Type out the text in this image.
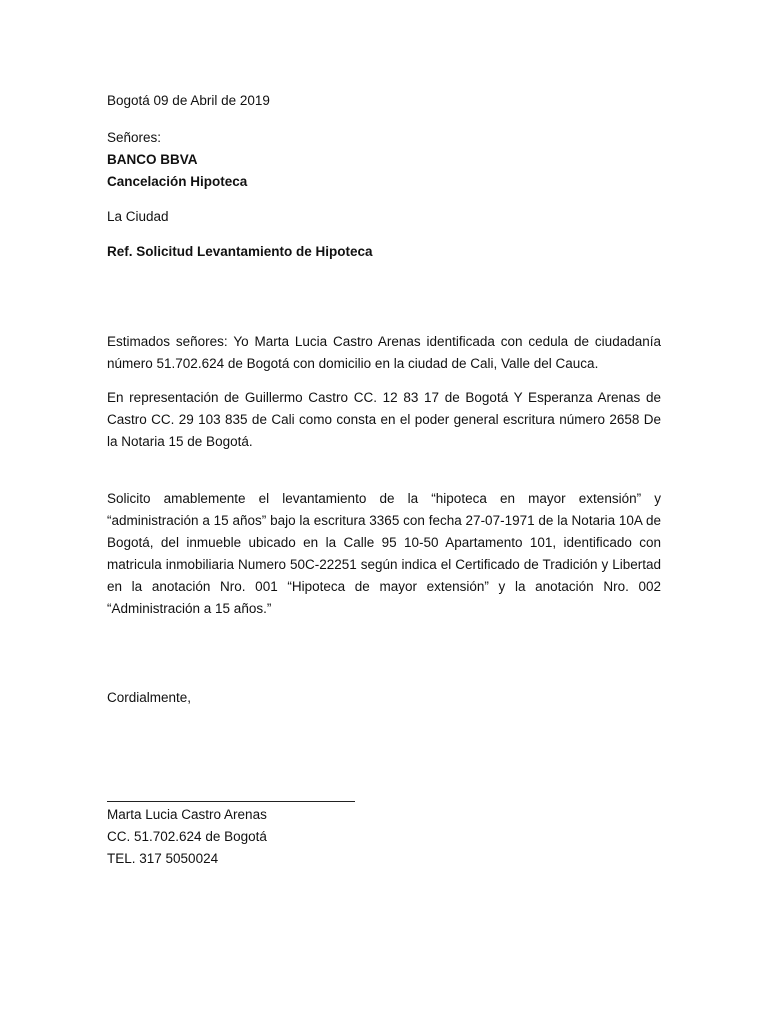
Bogotá 09 de Abril de 2019

Señores:

BANCO BBVA

Cancelación Hipoteca

La Ciudad

Ref. Solicitud Levantamiento de Hipoteca

Estimados señores: Yo Marta Lucia Castro Arenas identificada con cedula de ciudadanía número 51.702.624 de Bogotá con domicilio en la ciudad de Cali, Valle del Cauca.

En representación de Guillermo Castro CC. 12 83 17 de Bogotá Y Esperanza Arenas de Castro CC. 29 103 835 de Cali como consta en el poder general escritura número 2658 De la Notaria 15 de Bogotá.

Solicito amablemente el levantamiento de la “hipoteca en mayor extensión” y “administración a 15 años” bajo la escritura 3365 con fecha 27-07-1971 de la Notaria 10A de Bogotá, del inmueble ubicado en la Calle 95 10-50 Apartamento 101, identificado con matricula inmobiliaria Numero 50C-22251 según indica el Certificado de Tradición y Libertad en la anotación Nro. 001 “Hipoteca de mayor extensión” y la anotación Nro. 002 “Administración a 15 años.”

Cordialmente,

Marta Lucia Castro Arenas

CC. 51.702.624 de Bogotá

TEL. 317 5050024
